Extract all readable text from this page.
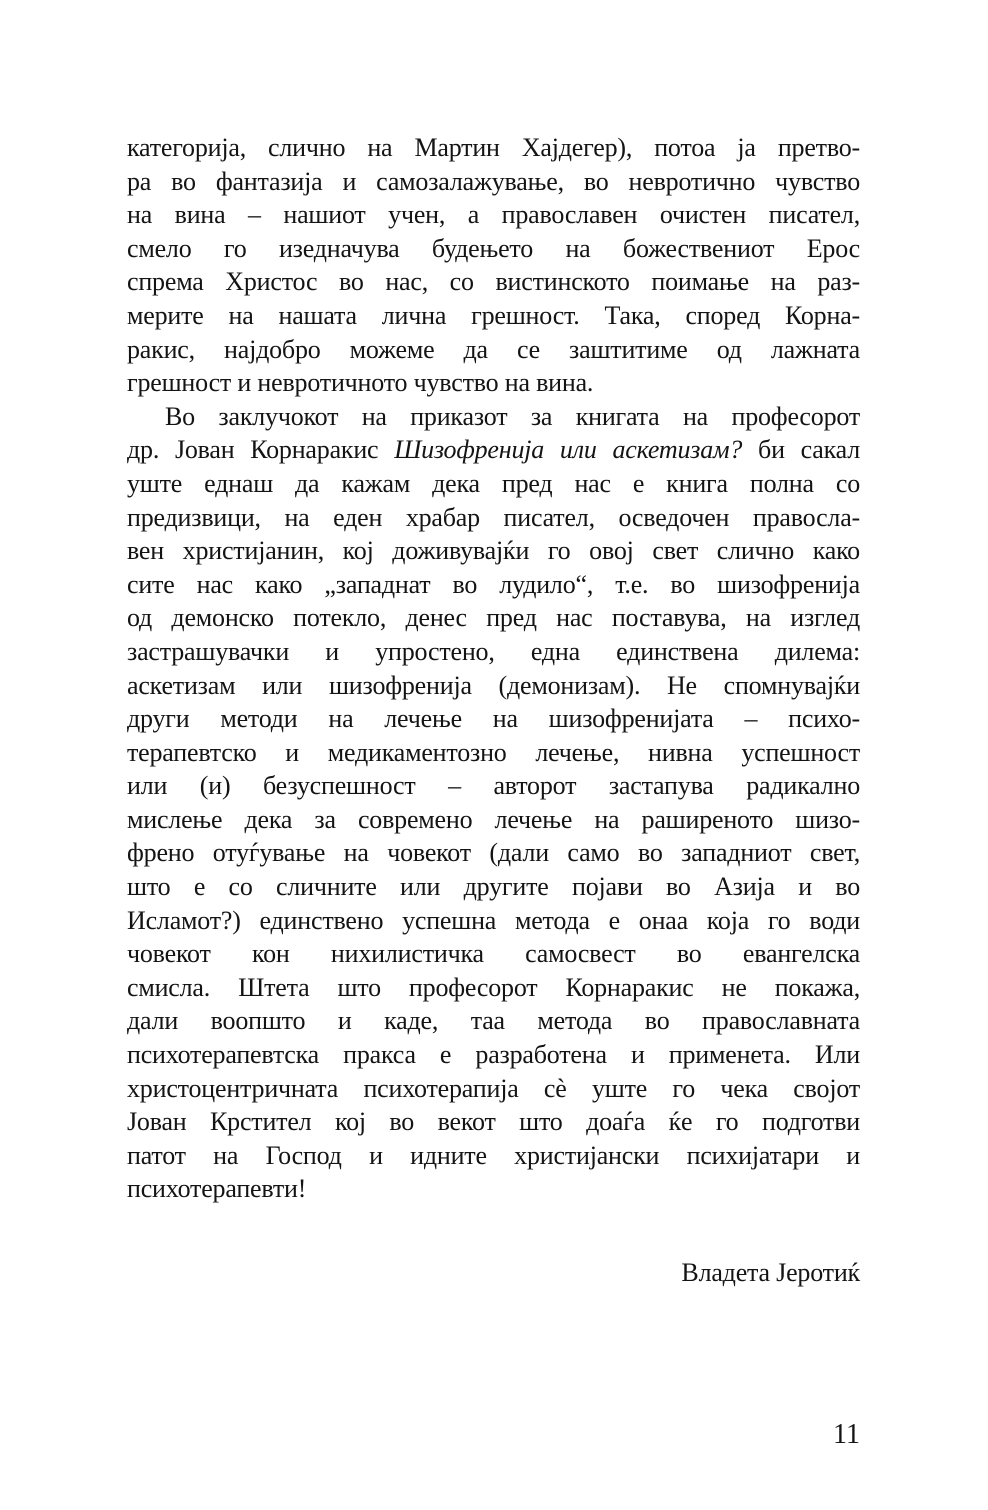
категорија, слично на Мартин Хајдегер), потоа ја претво-
ра во фантазија и самозалажување, во невротично чувство
на вина – нашиот учен, а православен очистен писател,
смело го изедначува будењето на божествениот Ерос
спрема Христос во нас, со вистинското поимање на раз-
мерите на нашата лична грешност. Така, според Корна-
ракис, најдобро можеме да се заштитиме од лажната
грешност и невротичното чувство на вина.
Во заклучокот на приказот за книгата на професорот
др. Јован Корнаракис Шизофренија или аскетизам? би сакал
уште еднаш да кажам дека пред нас е книга полна со
предизвици, на еден храбар писател, осведочен правосла-
вен христијанин, кој доживувајќи го овој свет слично како
сите нас како „западнат во лудило“, т.е. во шизофренија
од демонско потекло, денес пред нас поставува, на изглед
застрашувачки и упростено, една единствена дилема:
аскетизам или шизофренија (демонизам). Не спомнувајќи
други методи на лечење на шизофренијата – психо-
терапевтско и медикаментозно лечење, нивна успешност
или (и) безуспешност – авторот застапува радикално
мислење дека за современо лечење на раширеното шизо-
френо отуѓување на човекот (дали само во западниот свет,
што е со сличните или другите појави во Азија и во
Исламот?) единствено успешна метода е онаа која го води
човекот кон нихилистичка самосвест во евангелска
смисла. Штета што професорот Корнаракис не покажа,
дали воопшто и каде, таа метода во православната
психотерапевтска пракса е разработена и применета. Или
христоцентричната психотерапија сѐ уште го чека својот
Јован Крстител кој во векот што доаѓа ќе го подготви
патот на Господ и идните христијански психијатари и
психотерапевти!
Владета Јеротиќ
11
